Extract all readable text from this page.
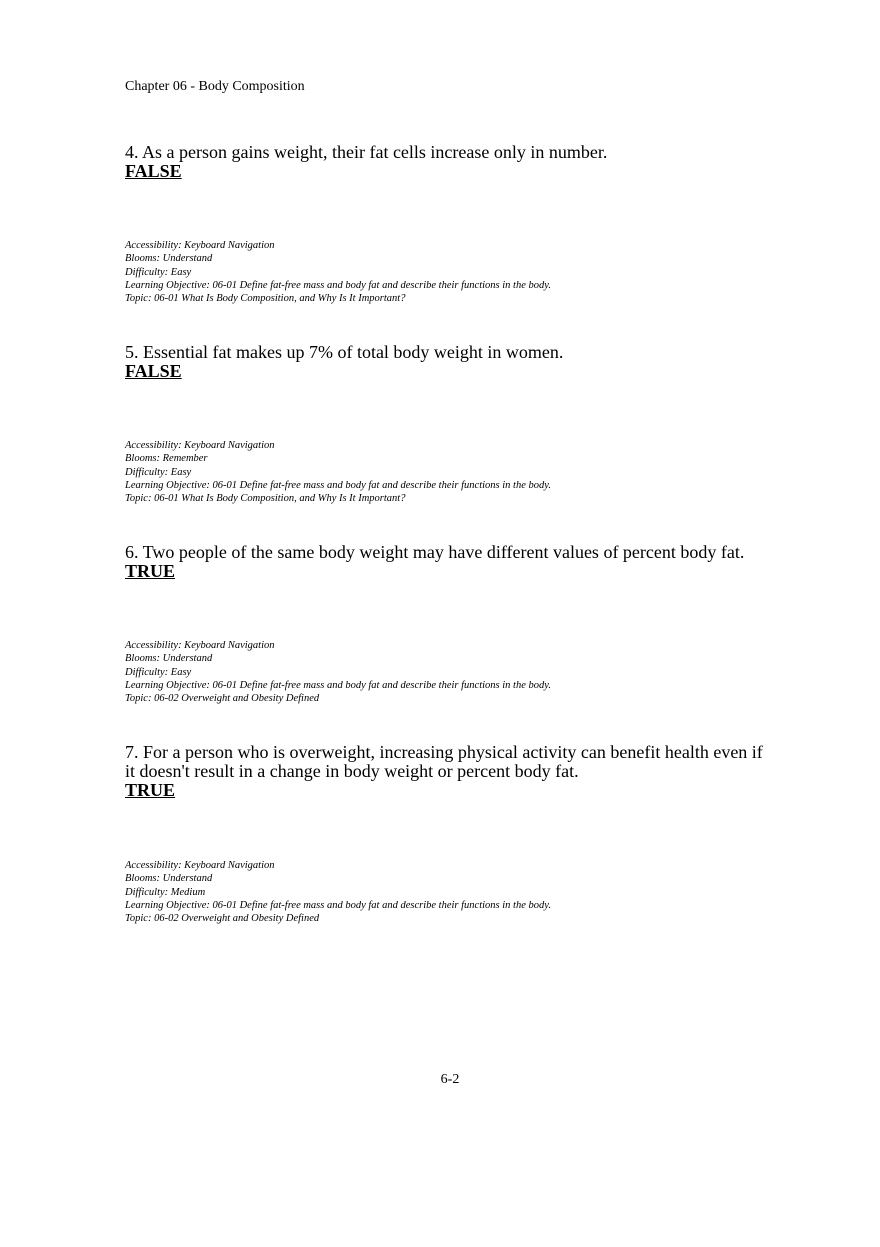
Chapter 06 - Body Composition
4. As a person gains weight, their fat cells increase only in number.
FALSE
Accessibility: Keyboard Navigation
Blooms: Understand
Difficulty: Easy
Learning Objective: 06-01 Define fat-free mass and body fat and describe their functions in the body.
Topic: 06-01 What Is Body Composition, and Why Is It Important?
5. Essential fat makes up 7% of total body weight in women.
FALSE
Accessibility: Keyboard Navigation
Blooms: Remember
Difficulty: Easy
Learning Objective: 06-01 Define fat-free mass and body fat and describe their functions in the body.
Topic: 06-01 What Is Body Composition, and Why Is It Important?
6. Two people of the same body weight may have different values of percent body fat.
TRUE
Accessibility: Keyboard Navigation
Blooms: Understand
Difficulty: Easy
Learning Objective: 06-01 Define fat-free mass and body fat and describe their functions in the body.
Topic: 06-02 Overweight and Obesity Defined
7. For a person who is overweight, increasing physical activity can benefit health even if it doesn't result in a change in body weight or percent body fat.
TRUE
Accessibility: Keyboard Navigation
Blooms: Understand
Difficulty: Medium
Learning Objective: 06-01 Define fat-free mass and body fat and describe their functions in the body.
Topic: 06-02 Overweight and Obesity Defined
6-2
